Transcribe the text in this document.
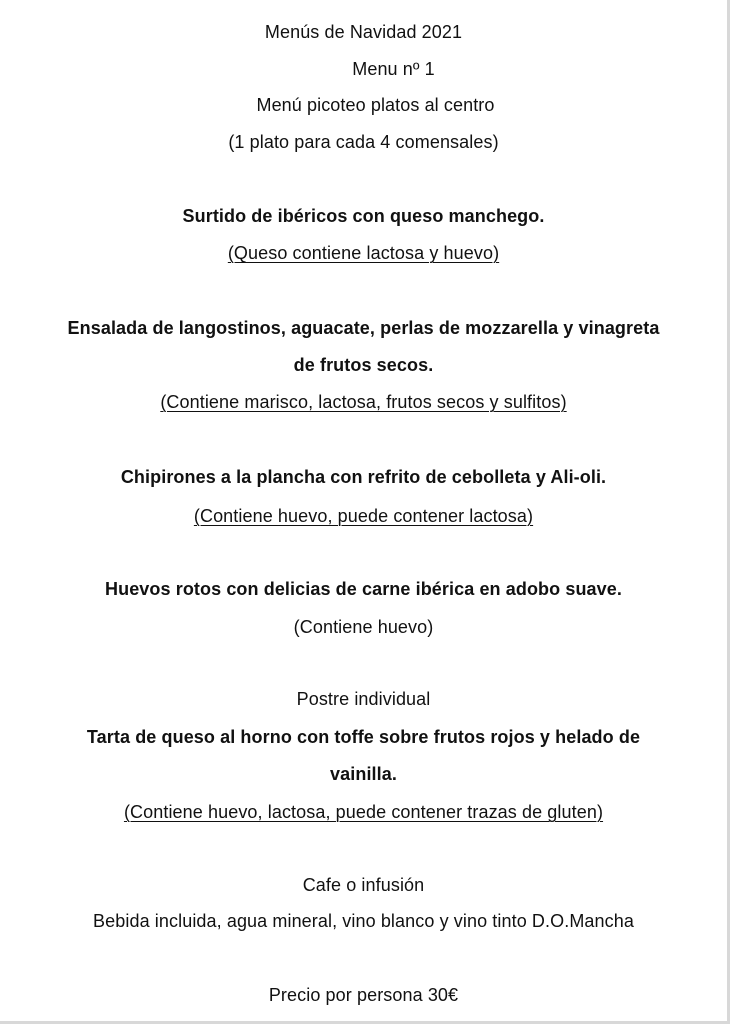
Menús de Navidad 2021
Menu nº 1
Menú picoteo platos al centro
(1 plato para cada 4 comensales)
Surtido de ibéricos con queso manchego.
(Queso contiene lactosa y huevo)
Ensalada de langostinos, aguacate, perlas de mozzarella y vinagreta
de frutos secos.
(Contiene marisco, lactosa, frutos secos y sulfitos)
Chipirones a la plancha con refrito de cebolleta y Ali-oli.
(Contiene huevo, puede contener lactosa)
Huevos rotos con delicias de carne ibérica en adobo suave.
(Contiene huevo)
Postre individual
Tarta de queso al horno con toffe sobre frutos rojos y helado de
vainilla.
(Contiene huevo, lactosa, puede contener trazas de gluten)
Cafe o infusión
Bebida incluida, agua mineral, vino blanco y vino tinto D.O.Mancha
Precio por persona 30€
